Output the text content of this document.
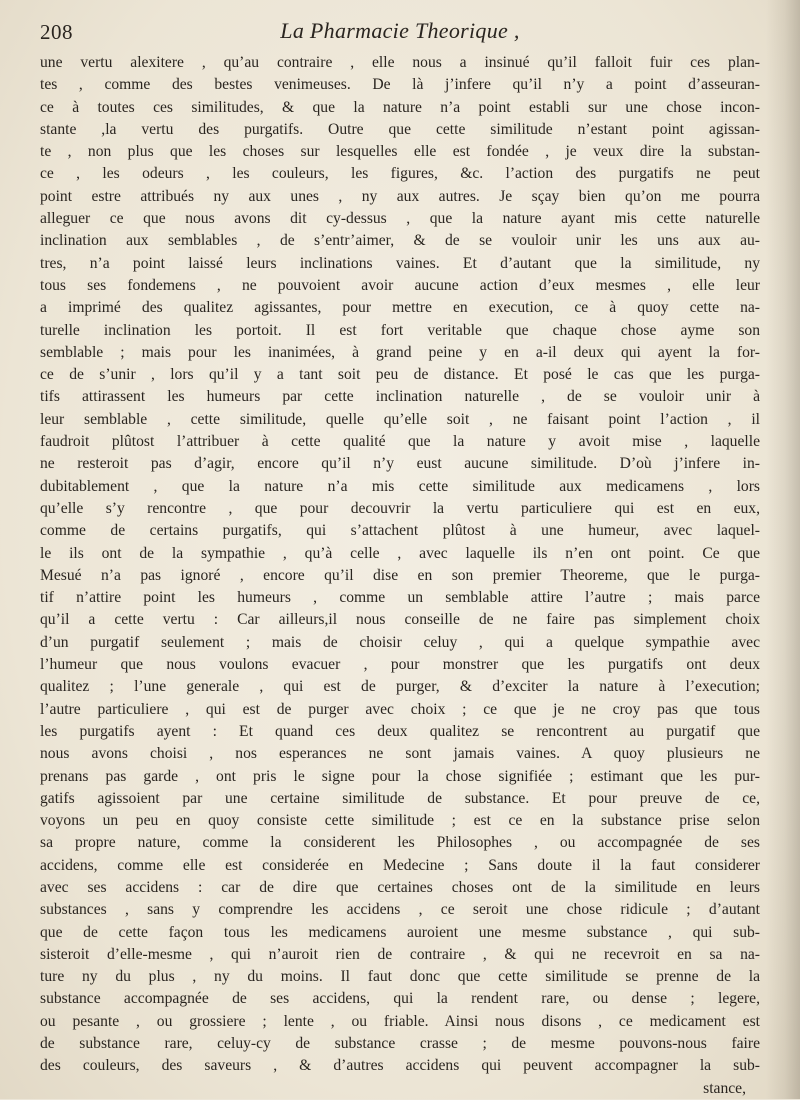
208	La Pharmacie Theorique ,
une vertu alexitere , qu’au contraire , elle nous a insinué qu’il falloit fuir ces plan-
tes , comme des bestes venimeuses. De là j’infere qu’il n’y a point d’asseuran-
ce à toutes ces similitudes, & que la nature n’a point establi sur une chose incon-
stante ,la vertu des purgatifs. Outre que cette similitude n’estant point agissan-
te , non plus que les choses sur lesquelles elle est fondée , je veux dire la substan-
ce , les odeurs , les couleurs, les figures, &c. l’action des purgatifs ne peut
point estre attribués ny aux unes , ny aux autres. Je sçay bien qu’on me pourra
alleguer ce que nous avons dit cy-dessus , que la nature ayant mis cette naturelle
inclination aux semblables , de s’entr’aimer, & de se vouloir unir les uns aux au-
tres, n’a point laissé leurs inclinations vaines. Et d’autant que la similitude, ny
tous ses fondemens , ne pouvoient avoir aucune action d’eux mesmes , elle leur
a imprimé des qualitez agissantes, pour mettre en execution, ce à quoy cette na-
turelle inclination les portoit. Il est fort veritable que chaque chose ayme son
semblable ; mais pour les inanimées, à grand peine y en a-il deux qui ayent la for-
ce de s’unir , lors qu’il y a tant soit peu de distance. Et posé le cas que les purga-
tifs attirassent les humeurs par cette inclination naturelle , de se vouloir unir à
leur semblable , cette similitude, quelle qu’elle soit , ne faisant point l’action , il
faudroit plûtost l’attribuer à cette qualité que la nature y avoit mise , laquelle
ne resteroit pas d’agir, encore qu’il n’y eust aucune similitude. D’où j’infere in-
dubitablement , que la nature n’a mis cette similitude aux medicamens , lors
qu’elle s’y rencontre , que pour decouvrir la vertu particuliere qui est en eux,
comme de certains purgatifs, qui s’attachent plûtost à une humeur, avec laquel-
le ils ont de la sympathie , qu’à celle , avec laquelle ils n’en ont point. Ce que
Mesué n’a pas ignoré , encore qu’il dise en son premier Theoreme, que le purga-
tif n’attire point les humeurs , comme un semblable attire l’autre ; mais parce
qu’il a cette vertu : Car ailleurs,il nous conseille de ne faire pas simplement choix
d’un purgatif seulement ; mais de choisir celuy , qui a quelque sympathie avec
l’humeur que nous voulons evacuer , pour monstrer que les purgatifs ont deux
qualitez ; l’une generale , qui est de purger, & d’exciter la nature à l’execution;
l’autre particuliere , qui est de purger avec choix ; ce que je ne croy pas que tous
les purgatifs ayent : Et quand ces deux qualitez se rencontrent au purgatif que
nous avons choisi , nos esperances ne sont jamais vaines. A quoy plusieurs ne
prenans pas garde , ont pris le signe pour la chose signifiée ; estimant que les pur-
gatifs agissoient par une certaine similitude de substance. Et pour preuve de ce,
voyons un peu en quoy consiste cette similitude ; est ce en la substance prise selon
sa propre nature, comme la considerent les Philosophes , ou accompagnée de ses
accidens, comme elle est considerée en Medecine ; Sans doute il la faut considerer
avec ses accidens : car de dire que certaines choses ont de la similitude en leurs
substances , sans y comprendre les accidens , ce seroit une chose ridicule ; d’autant
que de cette façon tous les medicamens auroient une mesme substance , qui sub-
sisteroit d’elle-mesme , qui n’auroit rien de contraire , & qui ne recevroit en sa na-
ture ny du plus , ny du moins. Il faut donc que cette similitude se prenne de la
substance accompagnée de ses accidens, qui la rendent rare, ou dense ; legere,
ou pesante , ou grossiere ; lente , ou friable. Ainsi nous disons , ce medicament est
de substance rare, celuy-cy de substance crasse ; de mesme pouvons-nous faire
des couleurs, des saveurs , & d’autres accidens qui peuvent accompagner la sub-
stance,
